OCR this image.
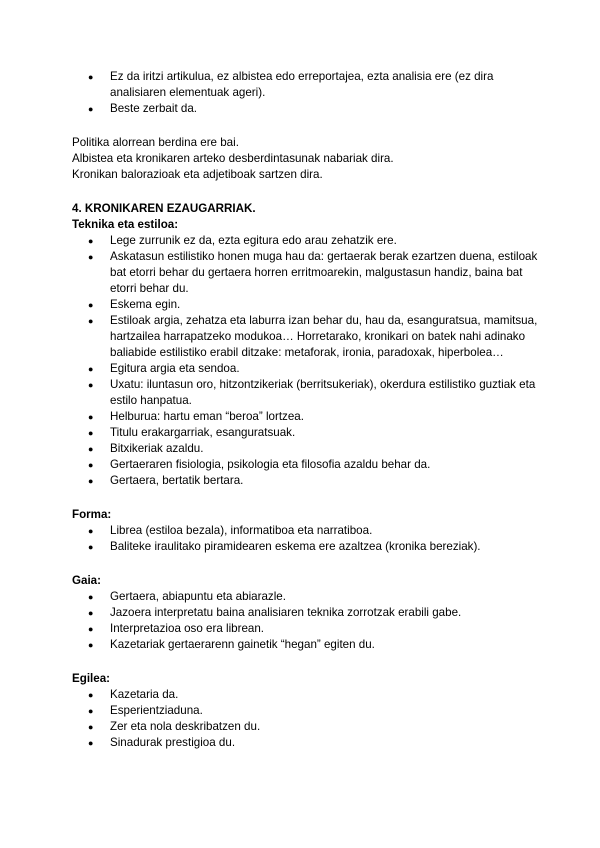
● Ez da iritzi artikulua, ez albistea edo erreportajea, ezta analisia ere (ez dira analisiaren elementuak ageri).
● Beste zerbait da.

Politika alorrean berdina ere bai.

Albistea eta kronikaren arteko desberdintasunak nabariak dira.

Kronikan balorazioak eta adjetiboak sartzen dira.

4. KRONIKAREN EZAUGARRIAK.

Teknika eta estiloa:

● Lege zurrunik ez da, ezta egitura edo arau zehatzik ere.
● Askatasun estilistiko honen muga hau da: gertaerak berak ezartzen duena, estiloak bat etorri behar du gertaera horren erritmoarekin, malgustasun handiz, baina bat etorri behar du.
● Eskema egin.
● Estiloak argia, zehatza eta laburra izan behar du, hau da, esanguratsua, mamitsua, hartzailea harrapatzeko modukoa… Horretarako, kronikari on batek nahi adinako baliabide estilistiko erabil ditzake: metaforak, ironia, paradoxak, hiperbolea…
● Egitura argia eta sendoa.
● Uxatu: iluntasun oro, hitzontzikeriak (berritsukeriak), okerdura estilistiko guztiak eta estilo hanpatua.
● Helburua: hartu eman “beroa” lortzea.
● Titulu erakargarriak, esanguratsuak.
● Bitxikeriak azaldu.
● Gertaeraren fisiologia, psikologia eta filosofia azaldu behar da.
● Gertaera, bertatik bertara.

Forma:

● Librea (estiloa bezala), informatiboa eta narratiboa.
● Baliteke iraulitako piramidearen eskema ere azaltzea (kronika bereziak).

Gaia:

● Gertaera, abiapuntu eta abiarazle.
● Jazoera interpretatu baina analisiaren teknika zorrotzak erabili gabe.
● Interpretazioa oso era librean.
● Kazetariak gertaerarenn gainetik “hegan” egiten du.

Egilea:

● Kazetaria da.
● Esperientziaduna.
● Zer eta nola deskribatzen du.
● Sinadurak prestigioa du.
